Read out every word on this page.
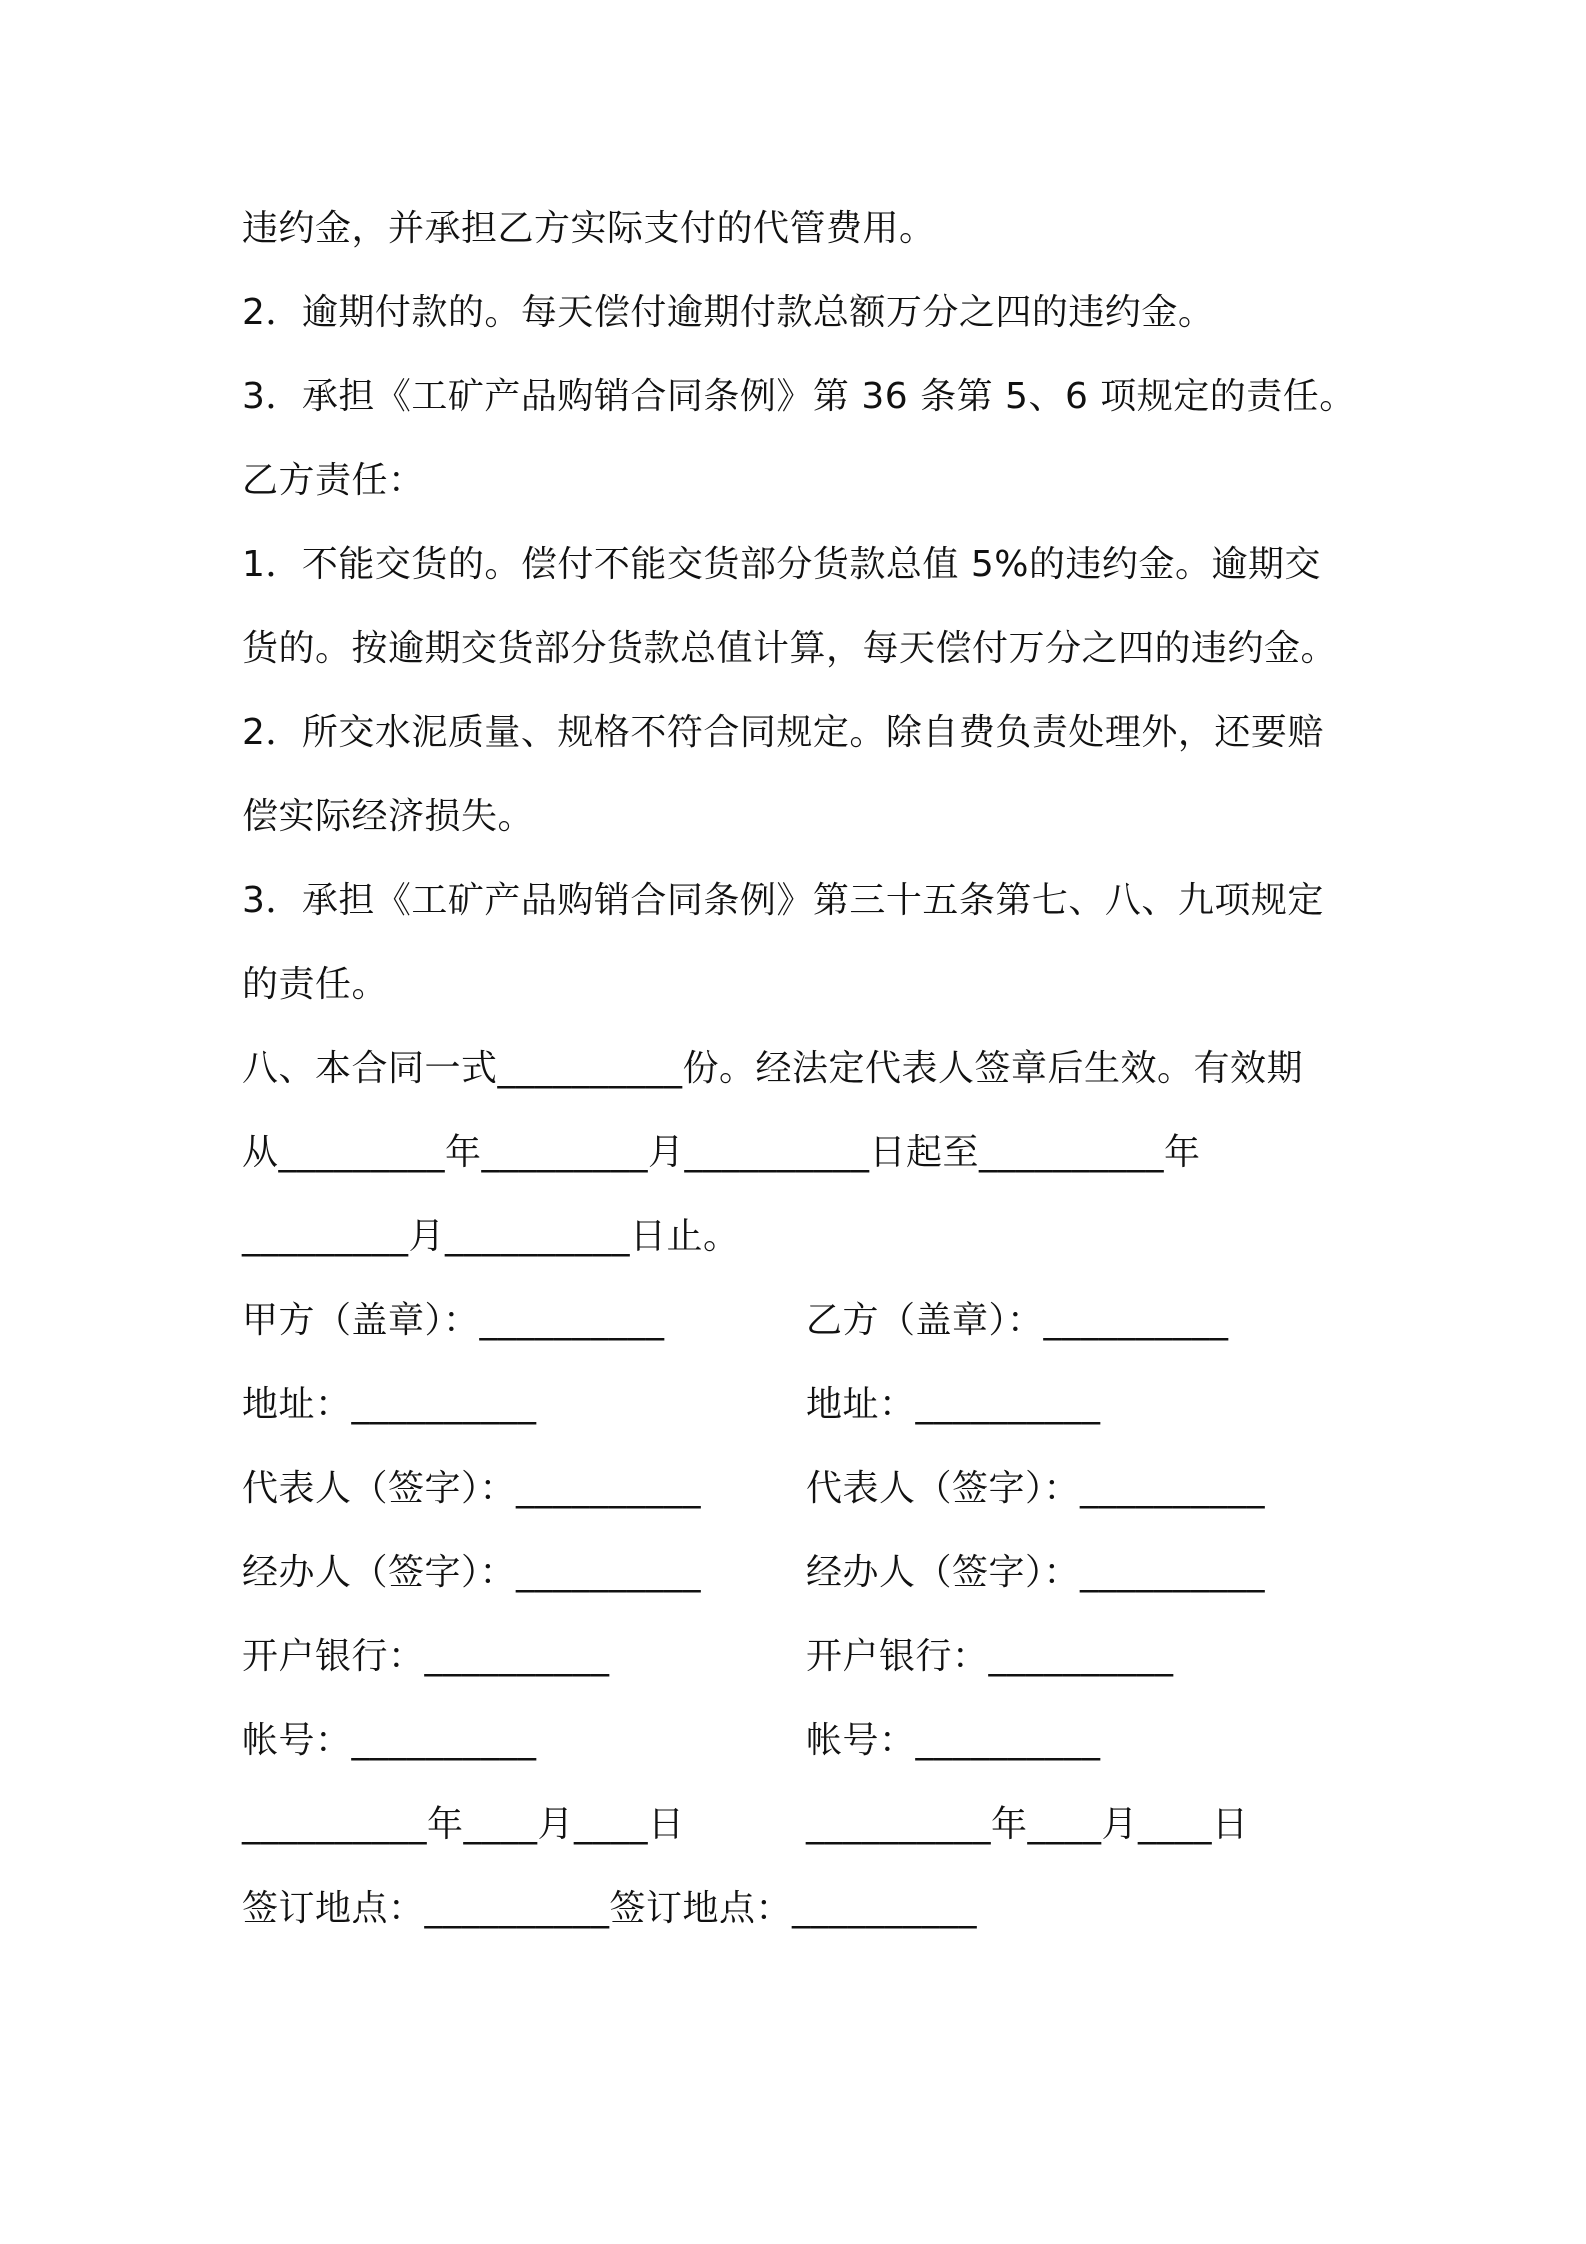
违约金，并承担乙方实际支付的代管费用。
2．逾期付款的。每天偿付逾期付款总额万分之四的违约金。
3．承担《工矿产品购销合同条例》第 36 条第 5、6 项规定的责任。
乙方责任：
1．不能交货的。偿付不能交货部分货款总值 5%的违约金。逾期交
货的。按逾期交货部分货款总值计算，每天偿付万分之四的违约金。
2．所交水泥质量、规格不符合同规定。除自费负责处理外，还要赔
偿实际经济损失。
3．承担《工矿产品购销合同条例》第三十五条第七、八、九项规定
的责任。
八、本合同一式__________份。经法定代表人签章后生效。有效期
从_________年_________月__________日起至__________年
_________月__________日止。
甲方（盖章）：__________	乙方（盖章）：__________
地址：__________	地址：__________
代表人（签字）：__________	代表人（签字）：__________
经办人（签字）：__________	经办人（签字）：__________
开户银行：__________	开户银行：__________
帐号：__________	帐号：__________
__________年____月____日	__________年____月____日
签订地点：__________签订地点：__________
